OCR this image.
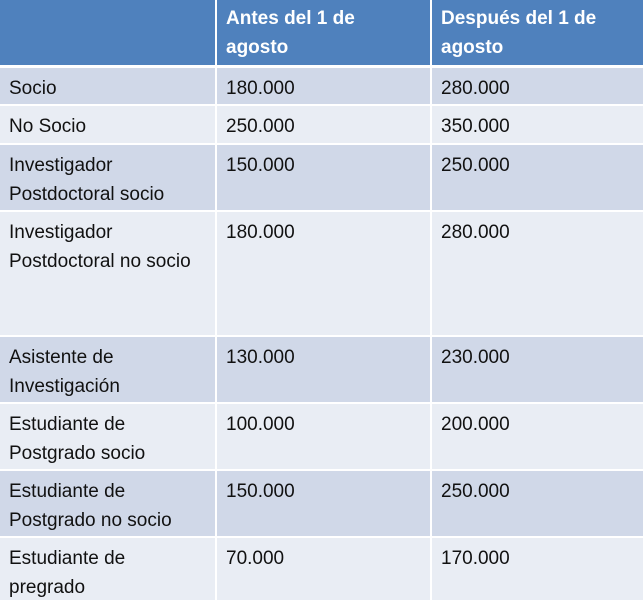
	Antes del 1 de agosto	Después del 1 de agosto
Socio	180.000	280.000
No Socio	250.000	350.000
Investigador Postdoctoral socio	150.000	250.000
Investigador Postdoctoral no socio	180.000	280.000
Asistente de Investigación	130.000	230.000
Estudiante de Postgrado socio	100.000	200.000
Estudiante de Postgrado no socio	150.000	250.000
Estudiante de pregrado	70.000	170.000
